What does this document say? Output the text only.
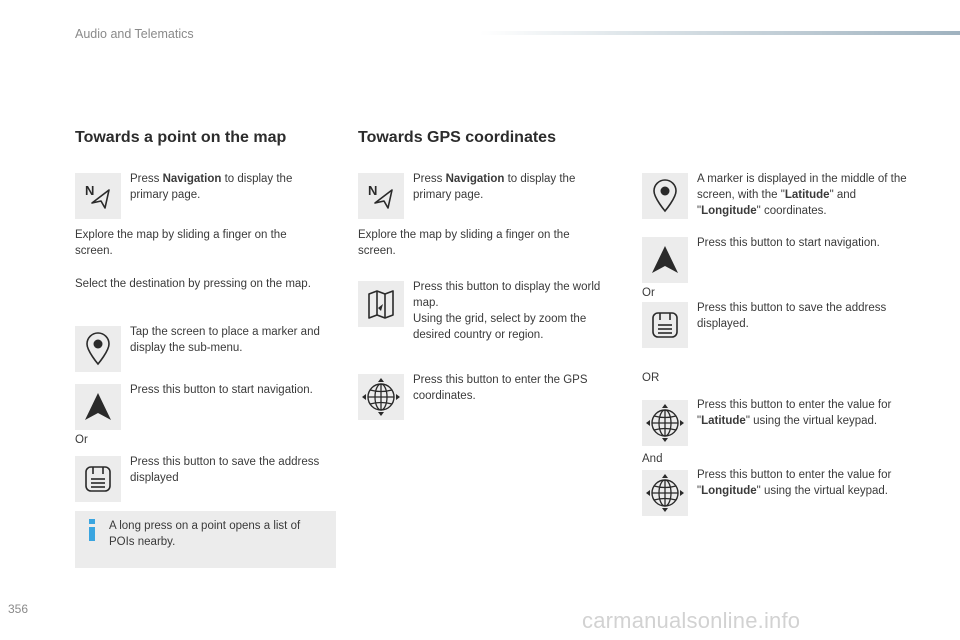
Audio and Telematics
Towards a point on the map
N
Press Navigation to display the primary page.
Explore the map by sliding a finger on the screen.
Select the destination by pressing on the map.
Tap the screen to place a marker and display the sub-menu.
Press this button to start navigation.
Or
Press this button to save the address displayed
A long press on a point opens a list of POIs nearby.
Towards GPS coordinates
N
Press Navigation to display the primary page.
Explore the map by sliding a finger on the screen.
Press this button to display the world map.
Using the grid, select by zoom the desired country or region.
Press this button to enter the GPS coordinates.
A marker is displayed in the middle of the screen, with the "Latitude" and "Longitude" coordinates.
Press this button to start navigation.
Or
Press this button to save the address displayed.
OR
Press this button to enter the value for "Latitude" using the virtual keypad.
And
Press this button to enter the value for "Longitude" using the virtual keypad.
356	carmanualsonline.info
